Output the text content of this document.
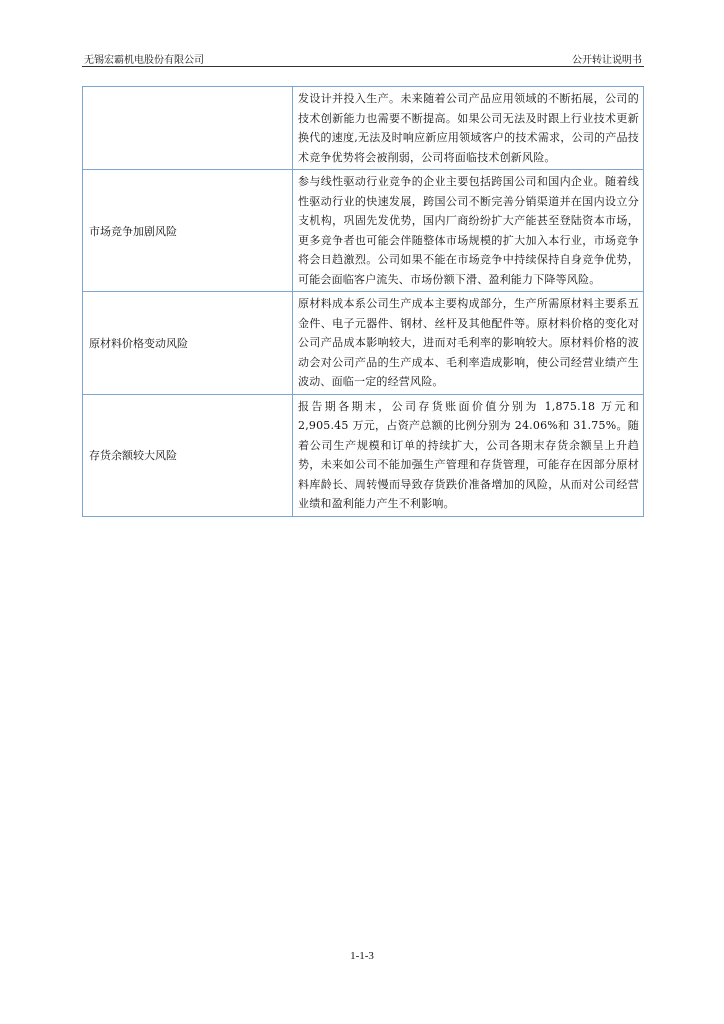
无锡宏霸机电股份有限公司	公开转让说明书
	发设计并投入生产。未来随着公司产品应用领域的不断拓展，公司的技术创新能力也需要不断提高。如果公司无法及时跟上行业技术更新换代的速度,无法及时响应新应用领域客户的技术需求，公司的产品技术竞争优势将会被削弱，公司将面临技术创新风险。
市场竞争加剧风险	参与线性驱动行业竞争的企业主要包括跨国公司和国内企业。随着线性驱动行业的快速发展，跨国公司不断完善分销渠道并在国内设立分支机构，巩固先发优势，国内厂商纷纷扩大产能甚至登陆资本市场，更多竞争者也可能会伴随整体市场规模的扩大加入本行业，市场竞争将会日趋激烈。公司如果不能在市场竞争中持续保持自身竞争优势，可能会面临客户流失、市场份额下滑、盈利能力下降等风险。
原材料价格变动风险	原材料成本系公司生产成本主要构成部分，生产所需原材料主要系五金件、电子元器件、钢材、丝杆及其他配件等。原材料价格的变化对公司产品成本影响较大，进而对毛利率的影响较大。原材料价格的波动会对公司产品的生产成本、毛利率造成影响，使公司经营业绩产生波动、面临一定的经营风险。
存货余额较大风险	报告期各期末，公司存货账面价值分别为 1,875.18 万元和2,905.45 万元，占资产总额的比例分别为 24.06%和 31.75%。随着公司生产规模和订单的持续扩大，公司各期末存货余额呈上升趋势，未来如公司不能加强生产管理和存货管理，可能存在因部分原材料库龄长、周转慢而导致存货跌价准备增加的风险，从而对公司经营业绩和盈利能力产生不利影响。
1-1-3
